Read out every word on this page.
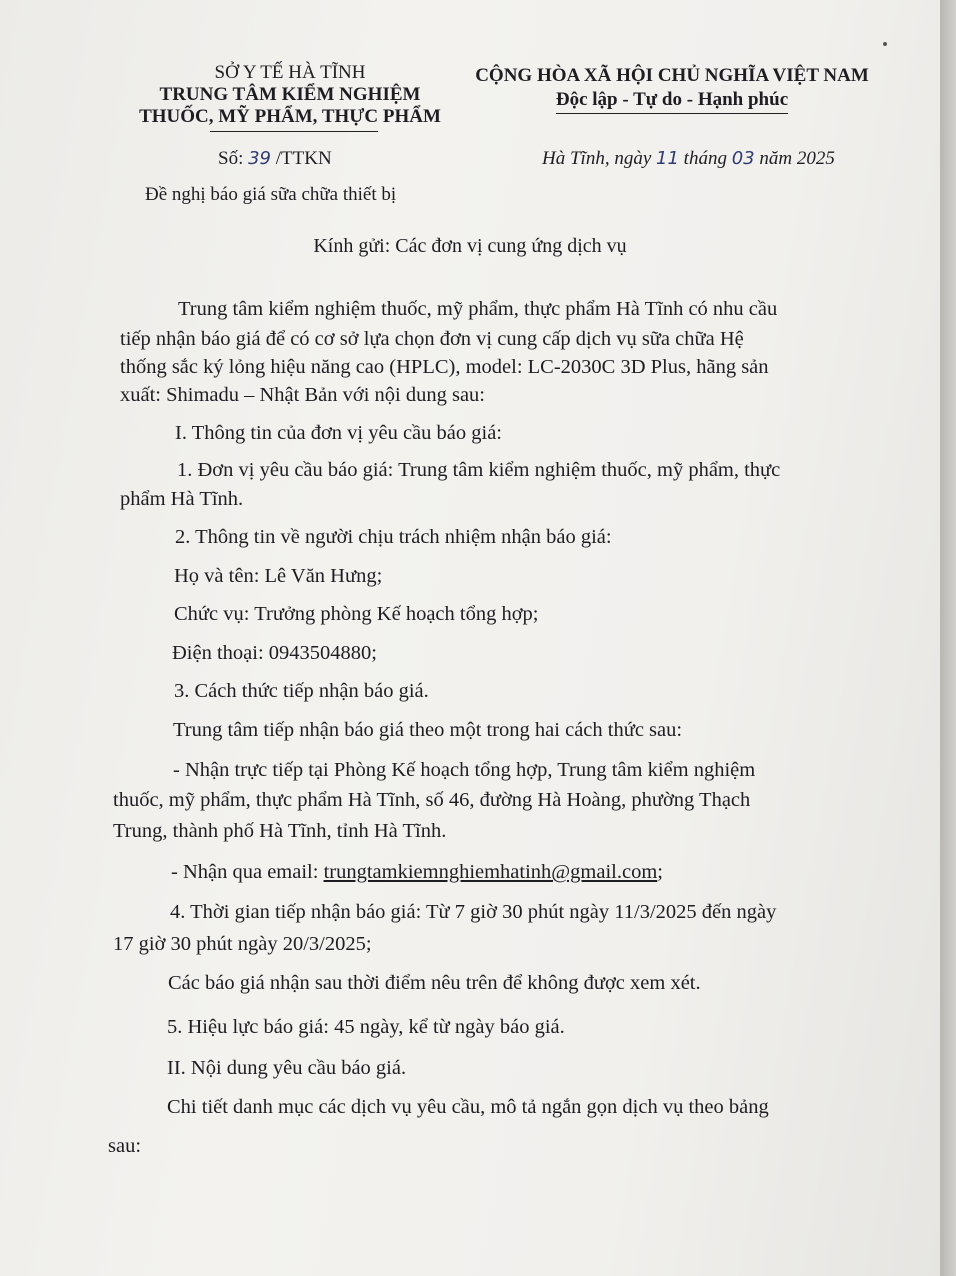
SỞ Y TẾ HÀ TĨNH
TRUNG TÂM KIỂM NGHIỆM
THUỐC, MỸ PHẨM, THỰC PHẨM
CỘNG HÒA XÃ HỘI CHỦ NGHĨA VIỆT NAM
Độc lập - Tự do - Hạnh phúc
Số: 39 /TTKN	Hà Tĩnh, ngày 11 tháng 03 năm 2025
Đề nghị báo giá sữa chữa thiết bị
Kính gửi: Các đơn vị cung ứng dịch vụ
Trung tâm kiểm nghiệm thuốc, mỹ phẩm, thực phẩm Hà Tĩnh có nhu cầu
tiếp nhận báo giá để có cơ sở lựa chọn đơn vị cung cấp dịch vụ sữa chữa Hệ
thống sắc ký lỏng hiệu năng cao (HPLC), model: LC-2030C 3D Plus, hãng sản
xuất: Shimadu – Nhật Bản với nội dung sau:
I. Thông tin của đơn vị yêu cầu báo giá:
1. Đơn vị yêu cầu báo giá: Trung tâm kiểm nghiệm thuốc, mỹ phẩm, thực
phẩm Hà Tĩnh.
2. Thông tin về người chịu trách nhiệm nhận báo giá:
Họ và tên: Lê Văn Hưng;
Chức vụ: Trưởng phòng Kế hoạch tổng hợp;
Điện thoại: 0943504880;
3. Cách thức tiếp nhận báo giá.
Trung tâm tiếp nhận báo giá theo một trong hai cách thức sau:
- Nhận trực tiếp tại Phòng Kế hoạch tổng hợp, Trung tâm kiểm nghiệm
thuốc, mỹ phẩm, thực phẩm Hà Tĩnh, số 46, đường Hà Hoàng, phường Thạch
Trung, thành phố Hà Tĩnh, tỉnh Hà Tĩnh.
- Nhận qua email: trungtamkiemnghiemhatinh@gmail.com;
4. Thời gian tiếp nhận báo giá: Từ 7 giờ 30 phút ngày 11/3/2025 đến ngày
17 giờ 30 phút ngày 20/3/2025;
Các báo giá nhận sau thời điểm nêu trên để không được xem xét.
5. Hiệu lực báo giá: 45 ngày, kể từ ngày báo giá.
II. Nội dung yêu cầu báo giá.
Chi tiết danh mục các dịch vụ yêu cầu, mô tả ngắn gọn dịch vụ theo bảng
sau:
